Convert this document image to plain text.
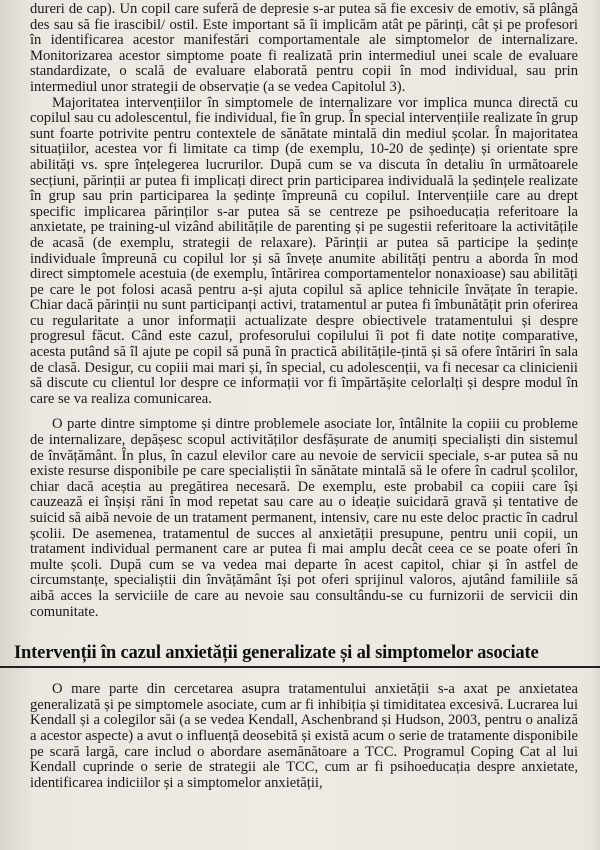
dureri de cap). Un copil care suferă de depresie s-ar putea să fie excesiv de emotiv, să plângă des sau să fie irascibil/ ostil. Este important să îi implicăm atât pe părinți, cât și pe profesori în identificarea acestor manifestări comportamentale ale simptomelor de internalizare. Monitorizarea acestor simptome poate fi realizată prin intermediul unei scale de evaluare standardizate, o scală de evaluare elaborată pentru copii în mod individual, sau prin intermediul unor strategii de observație (a se vedea Capitolul 3).

Majoritatea intervențiilor în simptomele de internalizare vor implica munca directă cu copilul sau cu adolescentul, fie individual, fie în grup. În special intervențiile realizate în grup sunt foarte potrivite pentru contextele de sănătate mintală din mediul școlar. În majoritatea situațiilor, acestea vor fi limitate ca timp (de exemplu, 10-20 de ședințe) și orientate spre abilități vs. spre înțelegerea lucrurilor. După cum se va discuta în detaliu în următoarele secțiuni, părinții ar putea fi implicați direct prin participarea individuală la ședințele realizate în grup sau prin participarea la ședințe împreună cu copilul. Intervențiile care au drept specific implicarea părinților s-ar putea să se centreze pe psihoeducația referitoare la anxietate, pe training-ul vizând abilitățile de parenting și pe sugestii referitoare la activitățile de acasă (de exemplu, strategii de relaxare). Părinții ar putea să participe la ședințe individuale împreună cu copilul lor și să învețe anumite abilități pentru a aborda în mod direct simptomele acestuia (de exemplu, întărirea comportamentelor nonaxioase) sau abilități pe care le pot folosi acasă pentru a-și ajuta copilul să aplice tehnicile învățate în terapie. Chiar dacă părinții nu sunt participanți activi, tratamentul ar putea fi îmbunătățit prin oferirea cu regularitate a unor informații actualizate despre obiectivele tratamentului și despre progresul făcut. Când este cazul, profesorului copilului îi pot fi date notițe comparative, acesta putând să îl ajute pe copil să pună în practică abilitățile-țintă și să ofere întăriri în sala de clasă. Desigur, cu copiii mai mari și, în special, cu adolescenții, va fi necesar ca clinicienii să discute cu clientul lor despre ce informații vor fi împărtășite celorlalți și despre modul în care se va realiza comunicarea.

O parte dintre simptome și dintre problemele asociate lor, întâlnite la copiii cu probleme de internalizare, depășesc scopul activităților desfășurate de anumiți specialiști din sistemul de învățământ. În plus, în cazul elevilor care au nevoie de servicii speciale, s-ar putea să nu existe resurse disponibile pe care specialiștii în sănătate mintală să le ofere în cadrul școlilor, chiar dacă aceștia au pregătirea necesară. De exemplu, este probabil ca copiii care își cauzează ei înșiși răni în mod repetat sau care au o ideație suicidară gravă și tentative de suicid să aibă nevoie de un tratament permanent, intensiv, care nu este deloc practic în cadrul școlii. De asemenea, tratamentul de succes al anxietății presupune, pentru unii copii, un tratament individual permanent care ar putea fi mai amplu decât ceea ce se poate oferi în multe școli. După cum se va vedea mai departe în acest capitol, chiar și în astfel de circumstanțe, specialiștii din învățământ își pot oferi sprijinul valoros, ajutând familiile să aibă acces la serviciile de care au nevoie sau consultându-se cu furnizorii de servicii din comunitate.

Intervenții în cazul anxietății generalizate și al simptomelor asociate

O mare parte din cercetarea asupra tratamentului anxietății s-a axat pe anxietatea generalizată și pe simptomele asociate, cum ar fi inhibiția și timiditatea excesivă. Lucrarea lui Kendall și a colegilor săi (a se vedea Kendall, Aschenbrand și Hudson, 2003, pentru o analiză a acestor aspecte) a avut o influență deosebită și există acum o serie de tratamente disponibile pe scară largă, care includ o abordare asemănătoare a TCC. Programul Coping Cat al lui Kendall cuprinde o serie de strategii ale TCC, cum ar fi psihoeducația despre anxietate, identificarea indiciilor și a simptomelor anxietății,
